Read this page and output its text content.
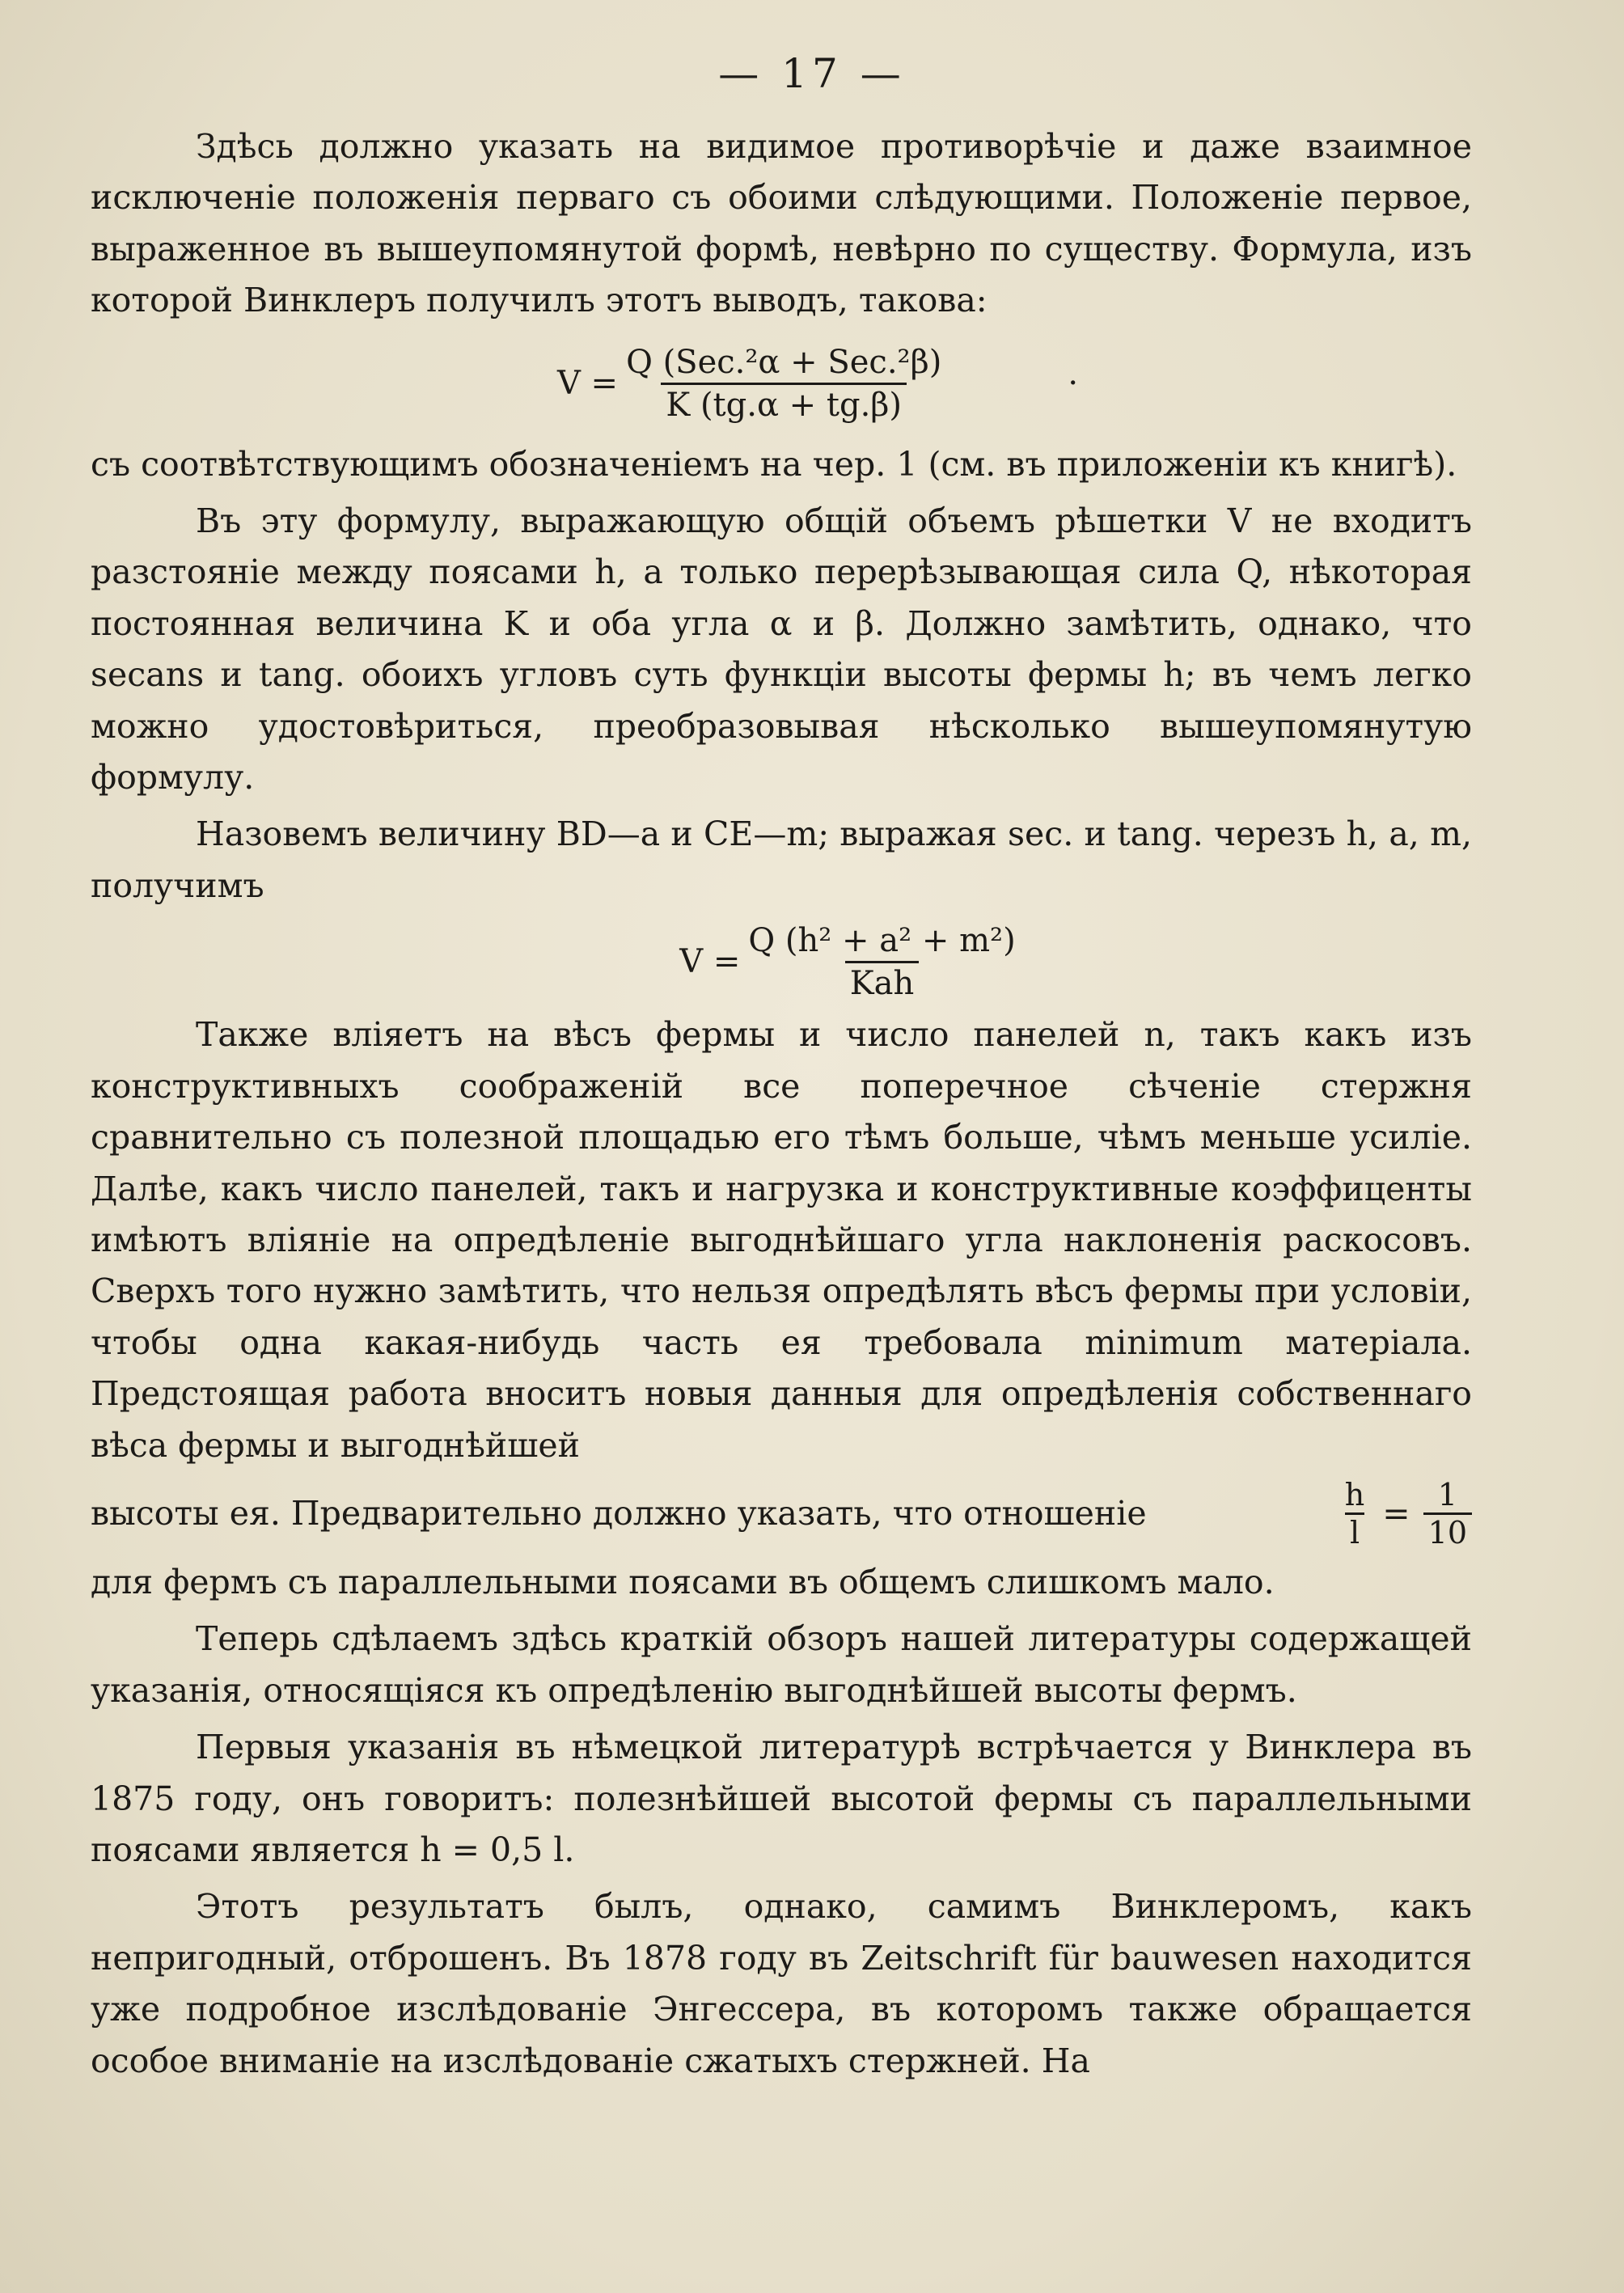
— 17 —

Здѣсь должно указать на видимое противорѣчіе и даже взаимное исключеніе положенія перваго съ обоими слѣдующими. Положеніе первое, выраженное въ вышеупомянутой формѣ, невѣрно по существу. Формула, изъ которой Винклеръ получилъ этотъ выводъ, такова:

$V = \frac{\text{Q (Sec.²α + Sec.²β)}}{K (tg.\alpha + tg.\beta)}$	·

съ соотвѣтствующимъ обозначеніемъ на чер. 1 (см. въ приложеніи къ книгѣ).

Въ эту формулу, выражающую общій объемъ рѣшетки V не входитъ разстояніе между поясами h, а только перерѣзывающая сила Q, нѣкоторая постоянная величина K и оба угла α и β. Должно замѣтить, однако, что secans и tang. обоихъ угловъ суть функціи высоты фермы h; въ чемъ легко можно удостовѣриться, преобразовывая нѣсколько вышеупомянутую формулу.

Назовемъ величину BD—a и CE—m; выражая sec. и tang. черезъ h, a, m, получимъ

$V = \frac{\text{Q (h² + a² + m²)}}{\text{Kah}}$

Также вліяетъ на вѣсъ фермы и число панелей n, такъ какъ изъ конструктивныхъ соображеній все поперечное сѣченіе стержня сравнительно съ полезной площадью его тѣмъ больше, чѣмъ меньше усиліе. Далѣе, какъ число панелей, такъ и нагрузка и конструктивные коэффиценты имѣютъ вліяніе на опредѣленіе выгоднѣйшаго угла наклоненія раскосовъ. Сверхъ того нужно замѣтить, что нельзя опредѣлять вѣсъ фермы при условіи, чтобы одна какая-нибудь часть ея требовала minimum матеріала. Предстоящая работа вноситъ новыя данныя для опредѣленія собственнаго вѣса фермы и выгоднѣйшей

высоты ея. Предварительно должно указать, что отношеніе	$\frac{h}{l} = \frac{1}{10}$

для фермъ съ параллельными поясами въ общемъ слишкомъ мало.

Теперь сдѣлаемъ здѣсь краткій обзоръ нашей литературы содержащей указанія, относящіяся къ опредѣленію выгоднѣйшей высоты фермъ.

Первыя указанія въ нѣмецкой литературѣ встрѣчается у Винклера въ 1875 году, онъ говоритъ: полезнѣйшей высотой фермы съ параллельными поясами является h = 0,5 l.

Этотъ результатъ былъ, однако, самимъ Винклеромъ, какъ непригодный, отброшенъ. Въ 1878 году въ Zeitschrift für bauwesen находится уже подробное изслѣдованіе Энгессера, въ которомъ также обращается особое вниманіе на изслѣдованіе сжатыхъ стержней. На
